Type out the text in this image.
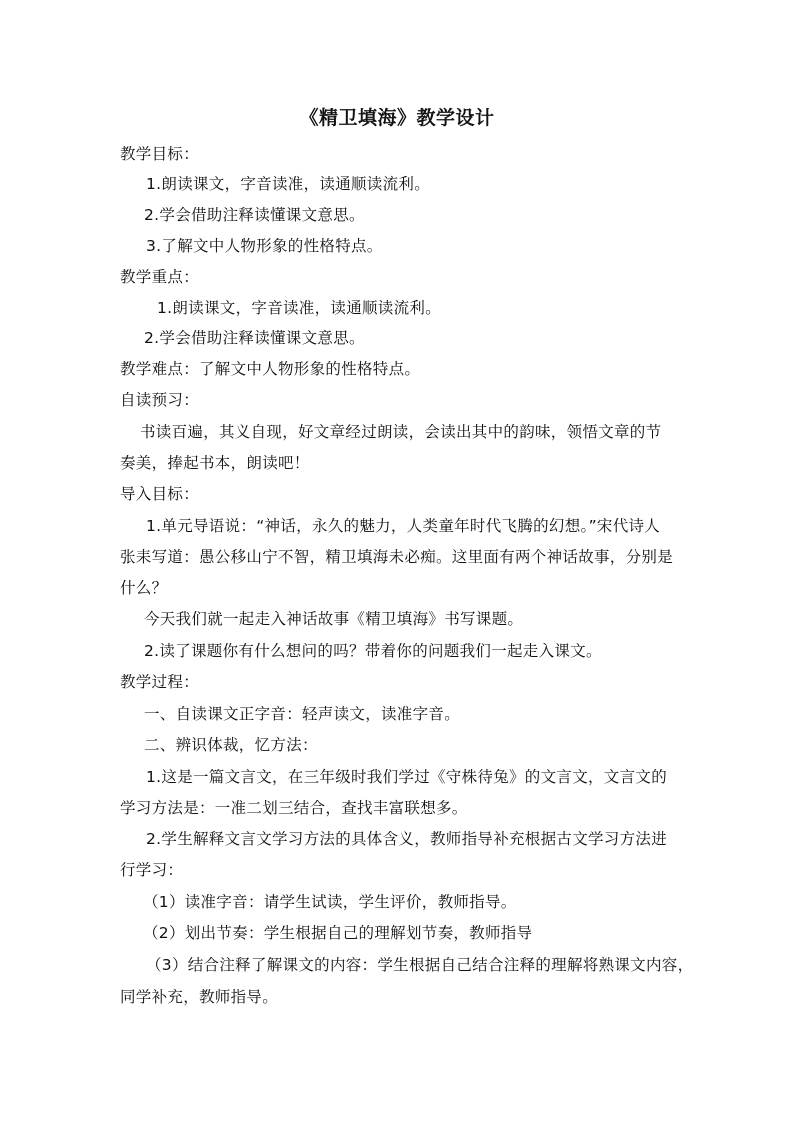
《精卫填海》教学设计
教学目标：
1.朗读课文，字音读准，读通顺读流利。
2.学会借助注释读懂课文意思。
3.了解文中人物形象的性格特点。
教学重点：
1.朗读课文，字音读准，读通顺读流利。
2.学会借助注释读懂课文意思。
教学难点：了解文中人物形象的性格特点。
自读预习：
书读百遍，其义自现，好文章经过朗读，会读出其中的韵味，领悟文章的节
奏美，捧起书本，朗读吧！
导入目标：
1.单元导语说：“神话，永久的魅力，人类童年时代飞腾的幻想。”宋代诗人
张耒写道：愚公移山宁不智，精卫填海未必痴。这里面有两个神话故事，分别是
什么？
今天我们就一起走入神话故事《精卫填海》书写课题。
2.读了课题你有什么想问的吗？带着你的问题我们一起走入课文。
教学过程：
一、自读课文正字音：轻声读文，读准字音。
二、辨识体裁，忆方法：
1.这是一篇文言文，在三年级时我们学过《守株待兔》的文言文，文言文的
学习方法是：一准二划三结合，查找丰富联想多。
2.学生解释文言文学习方法的具体含义，教师指导补充根据古文学习方法进
行学习：
（1）读准字音：请学生试读，学生评价，教师指导。
（2）划出节奏：学生根据自己的理解划节奏，教师指导
（3）结合注释了解课文的内容：学生根据自己结合注释的理解将熟课文内容，
同学补充，教师指导。
